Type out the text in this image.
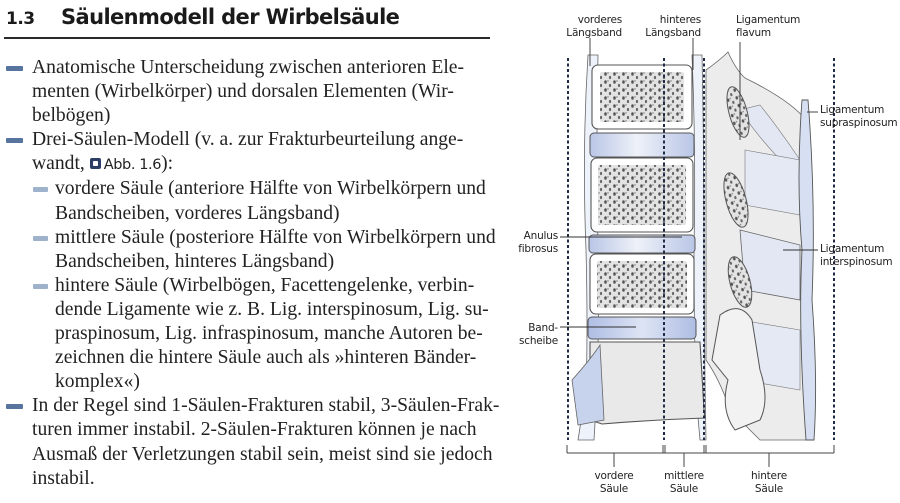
1.3 Säulenmodell der Wirbelsäule
Anatomische Unterscheidung zwischen anterioren Ele-
menten (Wirbelkörper) und dorsalen Elementen (Wir-
belbögen)
Drei-Säulen-Modell (v. a. zur Frakturbeurteilung ange-
wandt, Abb. 1.6):
vordere Säule (anteriore Hälfte von Wirbelkörpern und
Bandscheiben, vorderes Längsband)
mittlere Säule (posteriore Hälfte von Wirbelkörpern und
Bandscheiben, hinteres Längsband)
hintere Säule (Wirbelbögen, Facettengelenke, verbin-
dende Ligamente wie z. B. Lig. interspinosum, Lig. su-
praspinosum, Lig. infraspinosum, manche Autoren be-
zeichnen die hintere Säule auch als »hinteren Bänder-
komplex«)
In der Regel sind 1-Säulen-Frakturen stabil, 3-Säulen-Frak-
turen immer instabil. 2-Säulen-Frakturen können je nach
Ausmaß der Verletzungen stabil sein, meist sind sie jedoch
instabil.
vorderes
Längsband
hinteres
Längsband
Ligamentum
flavum
Ligamentum
supraspinosum
Anulus
fibrosus	Ligamentum
interspinosum
Band-
scheibe
vordere
Säule
mittlere
Säule
hintere
Säule
